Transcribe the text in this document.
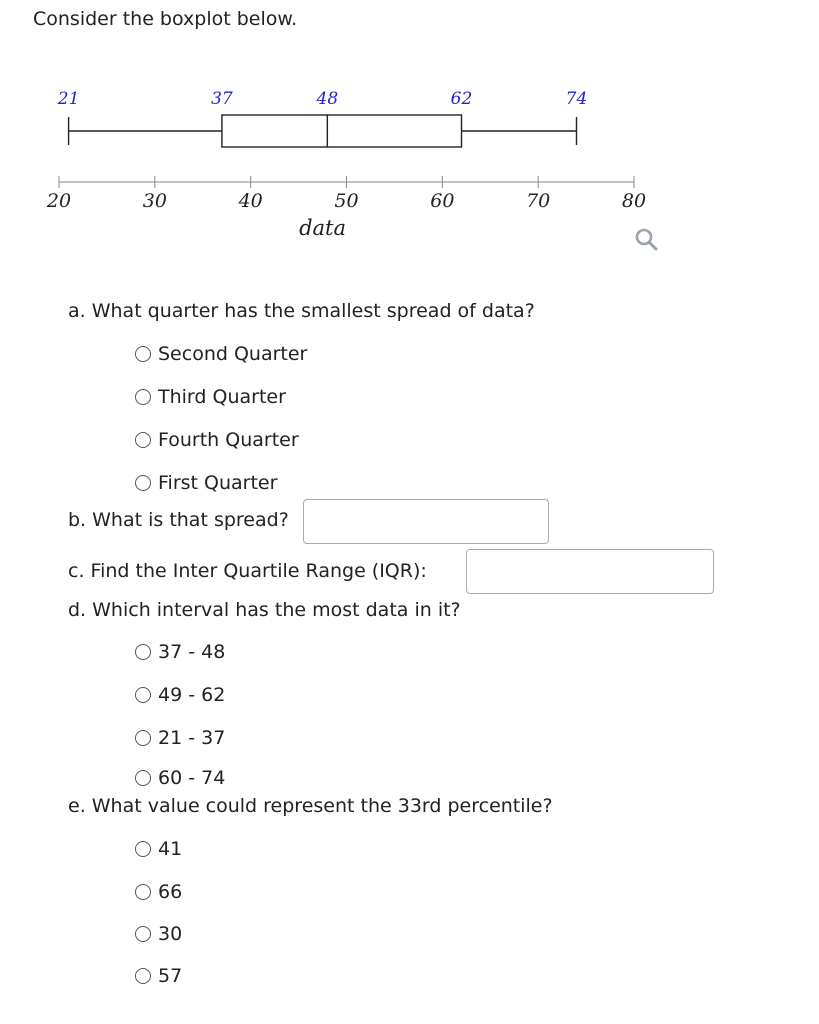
Consider the boxplot below.
20	30	40	50	60	70	80
data
21	37	48	62	74
a. What quarter has the smallest spread of data?
Second Quarter
Third Quarter
Fourth Quarter
First Quarter
b. What is that spread?
c. Find the Inter Quartile Range (IQR):
d. Which interval has the most data in it?
37 - 48
49 - 62
21 - 37
60 - 74
e. What value could represent the 33rd percentile?
41
66
30
57
